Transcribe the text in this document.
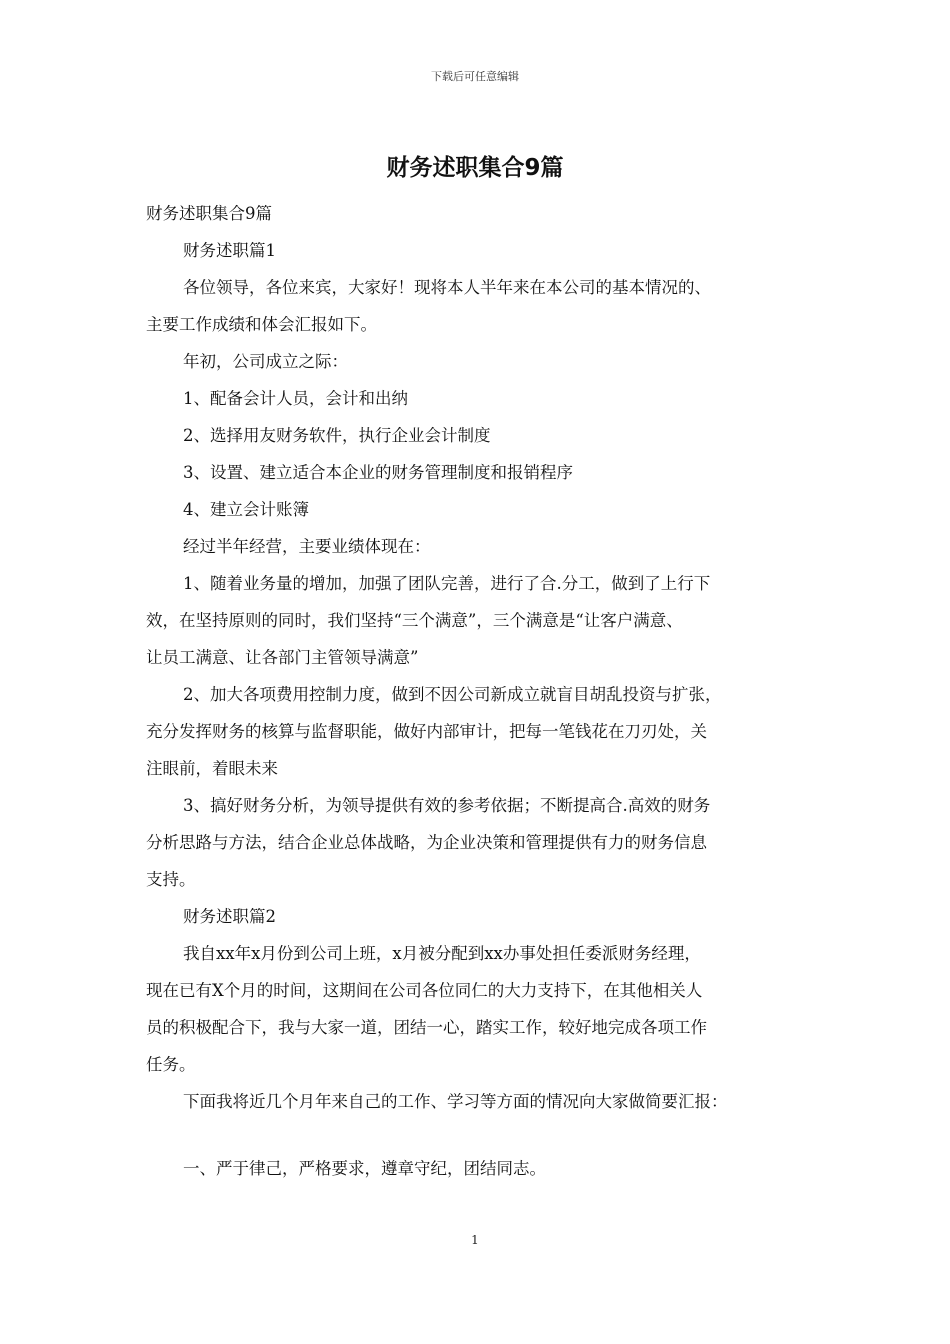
下载后可任意编辑
财务述职集合9篇

财务述职集合9篇

财务述职篇1

各位领导，各位来宾，大家好！现将本人半年来在本公司的基本情况的、

主要工作成绩和体会汇报如下。

年初，公司成立之际：

1、配备会计人员，会计和出纳

2、选择用友财务软件，执行企业会计制度

3、设置、建立适合本企业的财务管理制度和报销程序

4、建立会计账簿

经过半年经营，主要业绩体现在：

1、随着业务量的增加，加强了团队完善，进行了合.分工，做到了上行下

效，在坚持原则的同时，我们坚持“三个满意”，三个满意是“让客户满意、

让员工满意、让各部门主管领导满意”

2、加大各项费用控制力度，做到不因公司新成立就盲目胡乱投资与扩张，

充分发挥财务的核算与监督职能，做好内部审计，把每一笔钱花在刀刃处，关

注眼前，着眼未来

3、搞好财务分析，为领导提供有效的参考依据；不断提高合.高效的财务

分析思路与方法，结合企业总体战略，为企业决策和管理提供有力的财务信息

支持。

财务述职篇2

我自xx年x月份到公司上班，x月被分配到xx办事处担任委派财务经理，

现在已有X个月的时间，这期间在公司各位同仁的大力支持下，在其他相关人

员的积极配合下，我与大家一道，团结一心，踏实工作，较好地完成各项工作

任务。

下面我将近几个月年来自己的工作、学习等方面的情况向大家做简要汇报：

一、严于律己，严格要求，遵章守纪，团结同志。

1
